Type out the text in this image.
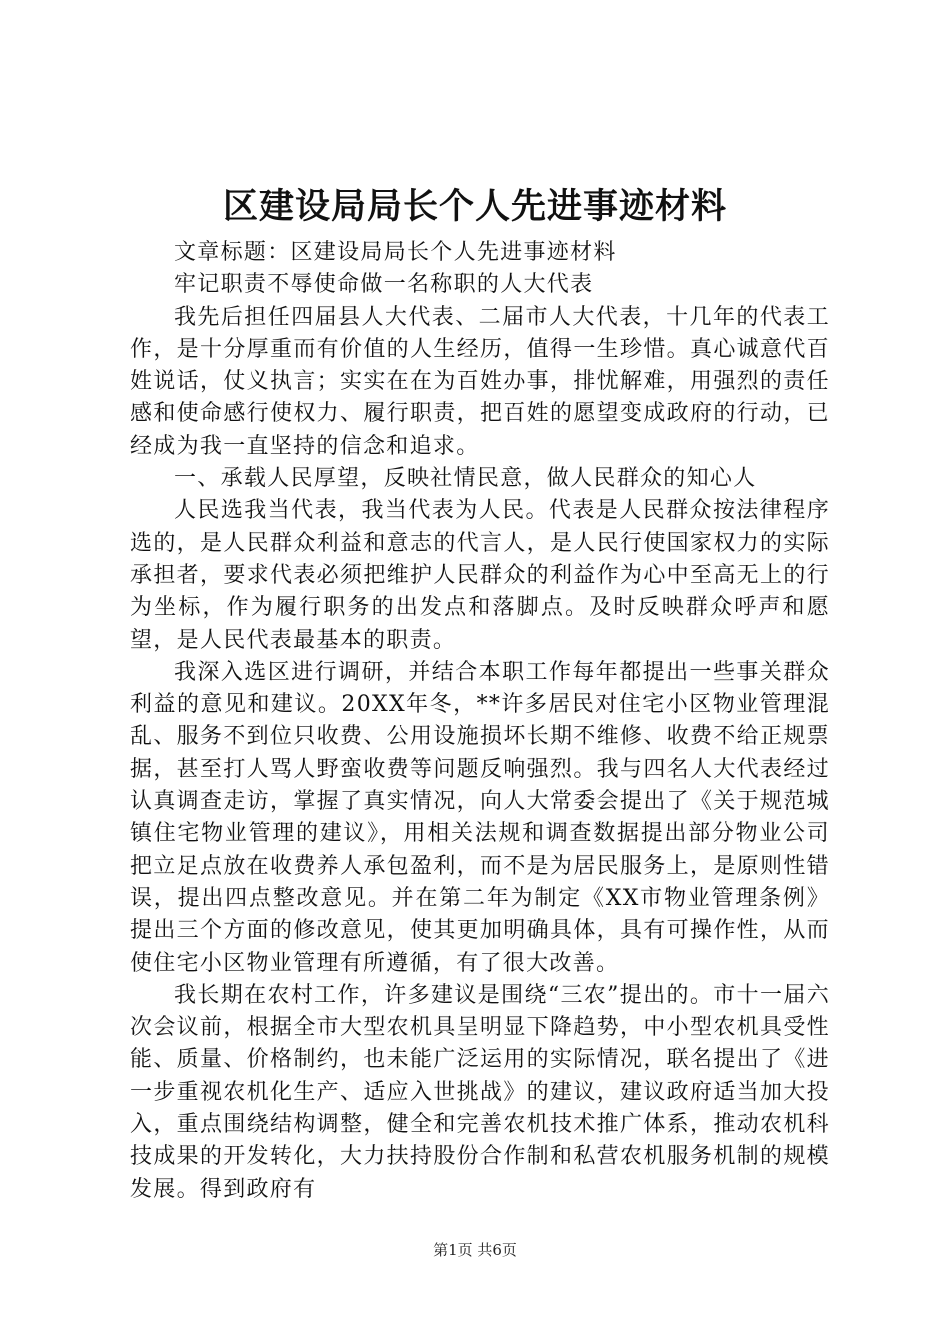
区建设局局长个人先进事迹材料

文章标题：区建设局局长个人先进事迹材料

牢记职责不辱使命做一名称职的人大代表

我先后担任四届县人大代表、二届市人大代表，十几年的代表工作，是十分厚重而有价值的人生经历，值得一生珍惜。真心诚意代百姓说话，仗义执言；实实在在为百姓办事，排忧解难，用强烈的责任感和使命感行使权力、履行职责，把百姓的愿望变成政府的行动，已经成为我一直坚持的信念和追求。

一、承载人民厚望，反映社情民意，做人民群众的知心人

人民选我当代表，我当代表为人民。代表是人民群众按法律程序选的，是人民群众利益和意志的代言人，是人民行使国家权力的实际承担者，要求代表必须把维护人民群众的利益作为心中至高无上的行为坐标，作为履行职务的出发点和落脚点。及时反映群众呼声和愿望，是人民代表最基本的职责。

我深入选区进行调研，并结合本职工作每年都提出一些事关群众利益的意见和建议。20XX年冬，**许多居民对住宅小区物业管理混乱、服务不到位只收费、公用设施损坏长期不维修、收费不给正规票据，甚至打人骂人野蛮收费等问题反响强烈。我与四名人大代表经过认真调查走访，掌握了真实情况，向人大常委会提出了《关于规范城镇住宅物业管理的建议》，用相关法规和调查数据提出部分物业公司把立足点放在收费养人承包盈利，而不是为居民服务上，是原则性错误，提出四点整改意见。并在第二年为制定《XX市物业管理条例》提出三个方面的修改意见，使其更加明确具体，具有可操作性，从而使住宅小区物业管理有所遵循，有了很大改善。

我长期在农村工作，许多建议是围绕“三农”提出的。市十一届六次会议前，根据全市大型农机具呈明显下降趋势，中小型农机具受性能、质量、价格制约，也未能广泛运用的实际情况，联名提出了《进一步重视农机化生产、适应入世挑战》的建议，建议政府适当加大投入，重点围绕结构调整，健全和完善农机技术推广体系，推动农机科技成果的开发转化，大力扶持股份合作制和私营农机服务机制的规模发展。得到政府有

第1页 共6页
